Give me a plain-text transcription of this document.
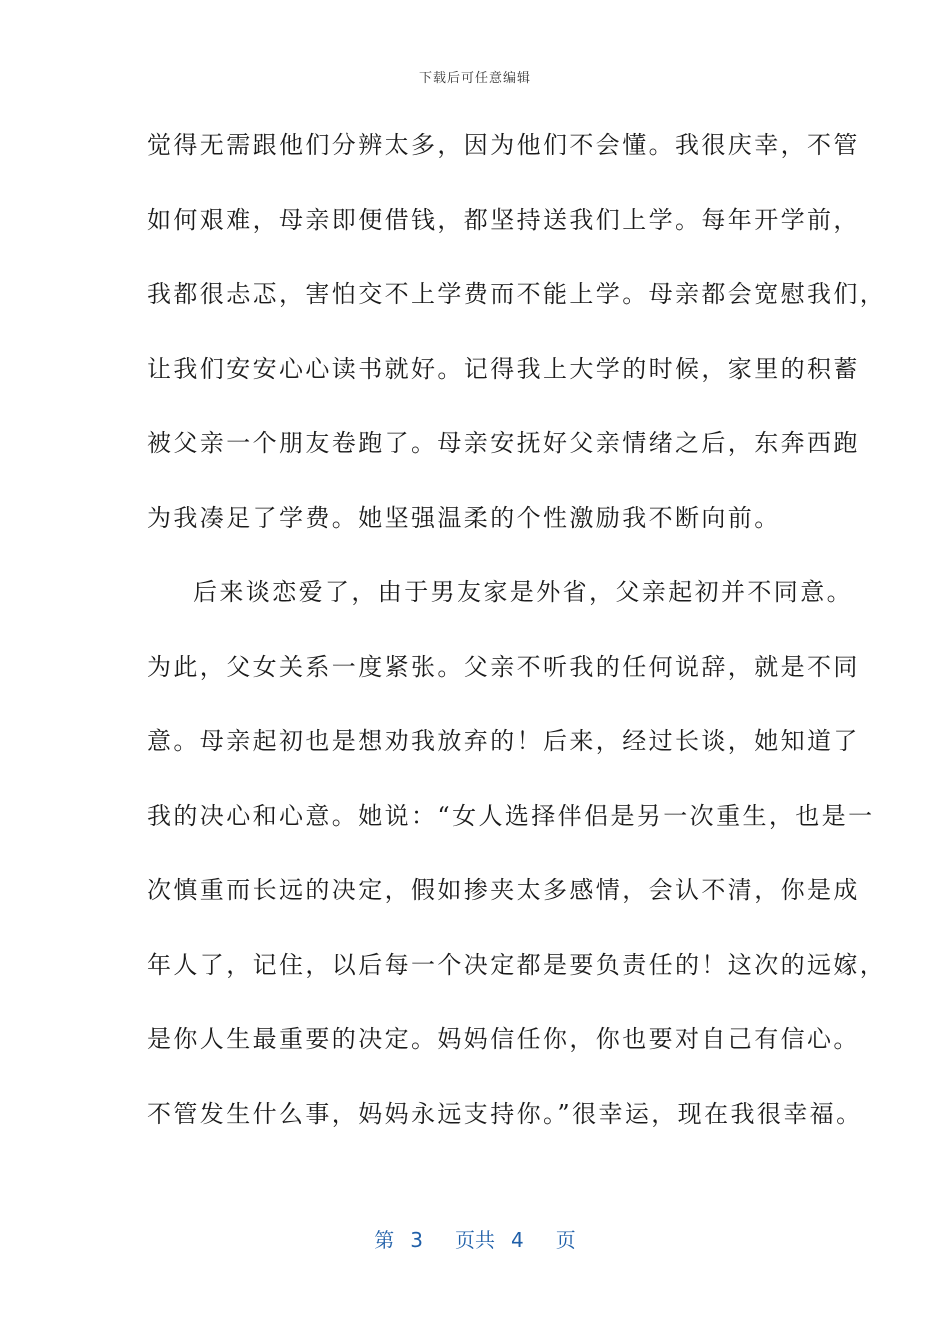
下载后可任意编辑
觉得无需跟他们分辨太多，因为他们不会懂。我很庆幸，不管
如何艰难，母亲即便借钱，都坚持送我们上学。每年开学前，
我都很忐忑，害怕交不上学费而不能上学。母亲都会宽慰我们，
让我们安安心心读书就好。记得我上大学的时候，家里的积蓄
被父亲一个朋友卷跑了。母亲安抚好父亲情绪之后，东奔西跑
为我凑足了学费。她坚强温柔的个性激励我不断向前。
后来谈恋爱了，由于男友家是外省，父亲起初并不同意。
为此，父女关系一度紧张。父亲不听我的任何说辞，就是不同
意。母亲起初也是想劝我放弃的！后来，经过长谈，她知道了
我的决心和心意。她说：“女人选择伴侣是另一次重生，也是一
次慎重而长远的决定，假如掺夹太多感情，会认不清，你是成
年人了，记住，以后每一个决定都是要负责任的！这次的远嫁，
是你人生最重要的决定。妈妈信任你，你也要对自己有信心。
不管发生什么事，妈妈永远支持你。”很幸运，现在我很幸福。
第 3 页共 4 页
